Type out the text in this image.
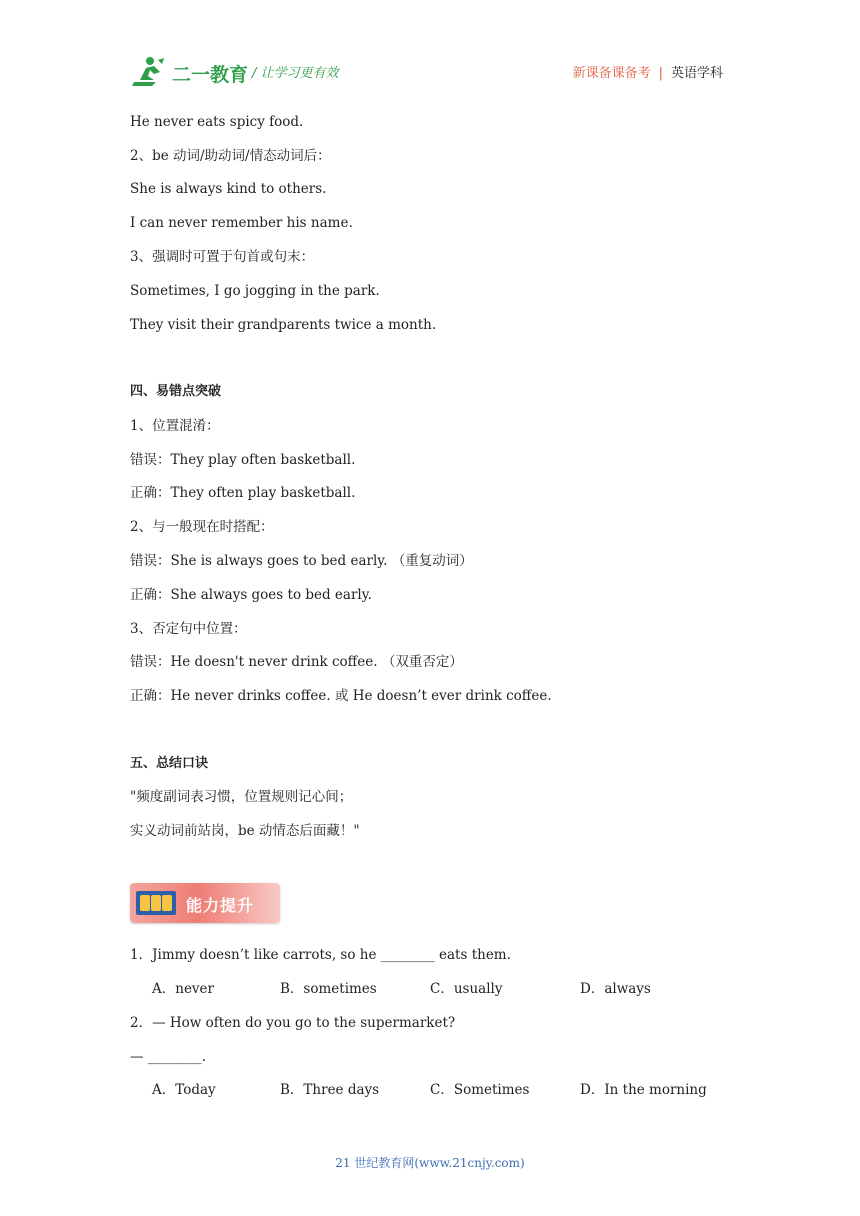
二一教育 / 让学习更有效	新课备课备考 | 英语学科
He never eats spicy food.
2、be 动词/助动词/情态动词后：
She is always kind to others.
I can never remember his name.
3、强调时可置于句首或句末：
Sometimes, I go jogging in the park.
They visit their grandparents twice a month.
四、易错点突破
1、位置混淆：
错误：They play often basketball.
正确：They often play basketball.
2、与一般现在时搭配：
错误：She is always goes to bed early. （重复动词）
正确：She always goes to bed early.
3、否定句中位置：
错误：He doesn't never drink coffee. （双重否定）
正确：He never drinks coffee. 或 He doesn’t ever drink coffee.
五、总结口诀
"频度副词表习惯，位置规则记心间；
实义动词前站岗，be 动情态后面藏！"
能力提升
1．Jimmy doesn’t like carrots, so he ________ eats them.
A．never	B．sometimes	C．usually	D．always
2．— How often do you go to the supermarket?
— ________.
A．Today	B．Three days	C．Sometimes	D．In the morning
21 世纪教育网(www.21cnjy.com)
